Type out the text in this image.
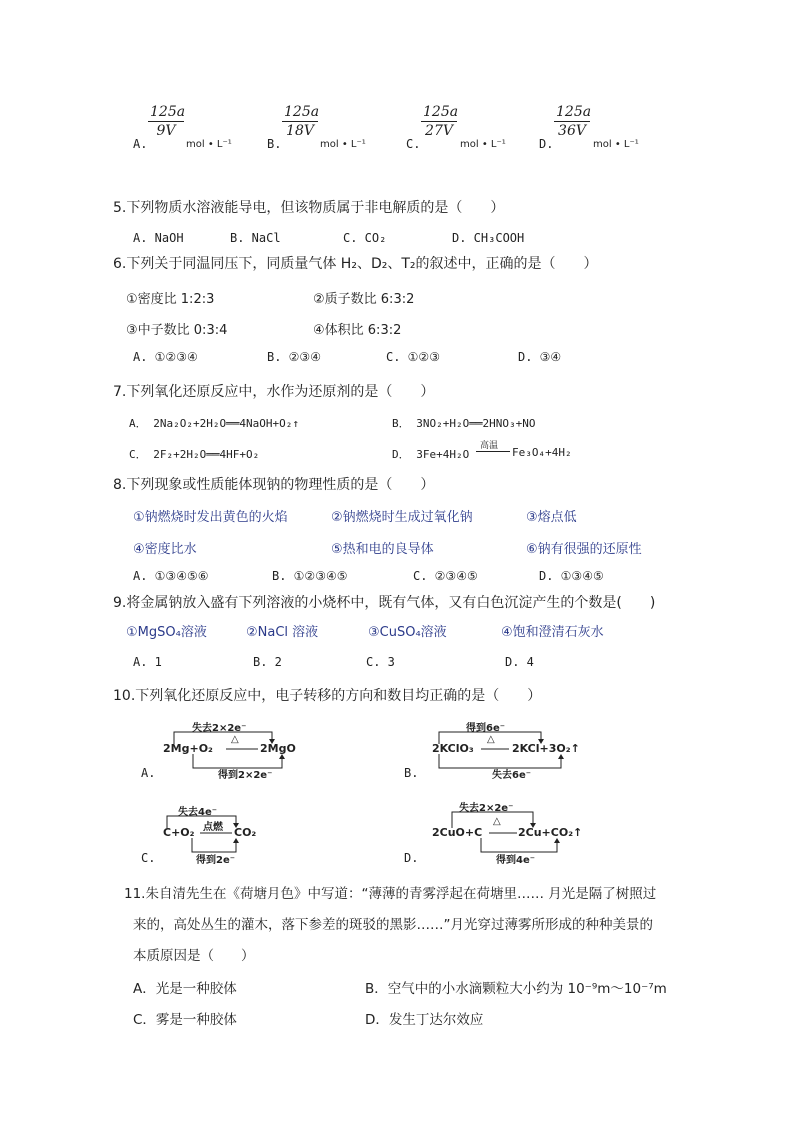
A.
125a
9V
mol • L⁻¹	B.
125a
18V
mol • L⁻¹	C.
125a
27V
mol • L⁻¹	D.
125a
36V
mol • L⁻¹
5.下列物质水溶液能导电，但该物质属于非电解质的是（　　）
A. NaOH	B. NaCl	C. CO₂	D. CH₃COOH
6.下列关于同温同压下，同质量气体 H₂、D₂、T₂的叙述中，正确的是（　　）
①密度比 1:2:3	②质子数比 6:3:2
③中子数比 0:3:4	④体积比 6:3:2
A. ①②③④	B. ②③④	C. ①②③	D. ③④
7.下列氧化还原反应中，水作为还原剂的是（　　）
A． 2Na₂O₂+2H₂O══4NaOH+O₂↑	B． 3NO₂+H₂O══2HNO₃+NO
C． 2F₂+2H₂O══4HF+O₂	D． 3Fe+4H₂O
高温 Fe₃O₄+4H₂
8.下列现象或性质能体现钠的物理性质的是（　　）
①钠燃烧时发出黄色的火焰	②钠燃烧时生成过氧化钠	③熔点低
④密度比水	⑤热和电的良导体	⑥钠有很强的还原性
A. ①③④⑤⑥	B. ①②③④⑤	C. ②③④⑤	D. ①③④⑤
9.将金属钠放入盛有下列溶液的小烧杯中，既有气体，又有白色沉淀产生的个数是(　　)
①MgSO₄溶液	②NaCl 溶液	③CuSO₄溶液	④饱和澄清石灰水
A. 1	B. 2	C. 3	D. 4
10.下列氧化还原反应中，电子转移的方向和数目均正确的是（　　）
A.
失去2×2e⁻
2Mg+O₂
△
2MgO
得到2×2e⁻	B.
得到6e⁻
2KClO₃
△
2KCl+3O₂↑
失去6e⁻
C.
失去4e⁻
C+O₂ 点燃 CO₂
得到2e⁻	D.
失去2×2e⁻
2CuO+C
△
2Cu+CO₂↑
得到4e⁻
11.朱自清先生在《荷塘月色》中写道：“薄薄的青雾浮起在荷塘里…… 月光是隔了树照过
来的，高处丛生的灌木，落下参差的斑驳的黑影……”月光穿过薄雾所形成的种种美景的
本质原因是（　　）
A．光是一种胶体	B．空气中的小水滴颗粒大小约为 10⁻⁹m～10⁻⁷m
C．雾是一种胶体	D．发生丁达尔效应
